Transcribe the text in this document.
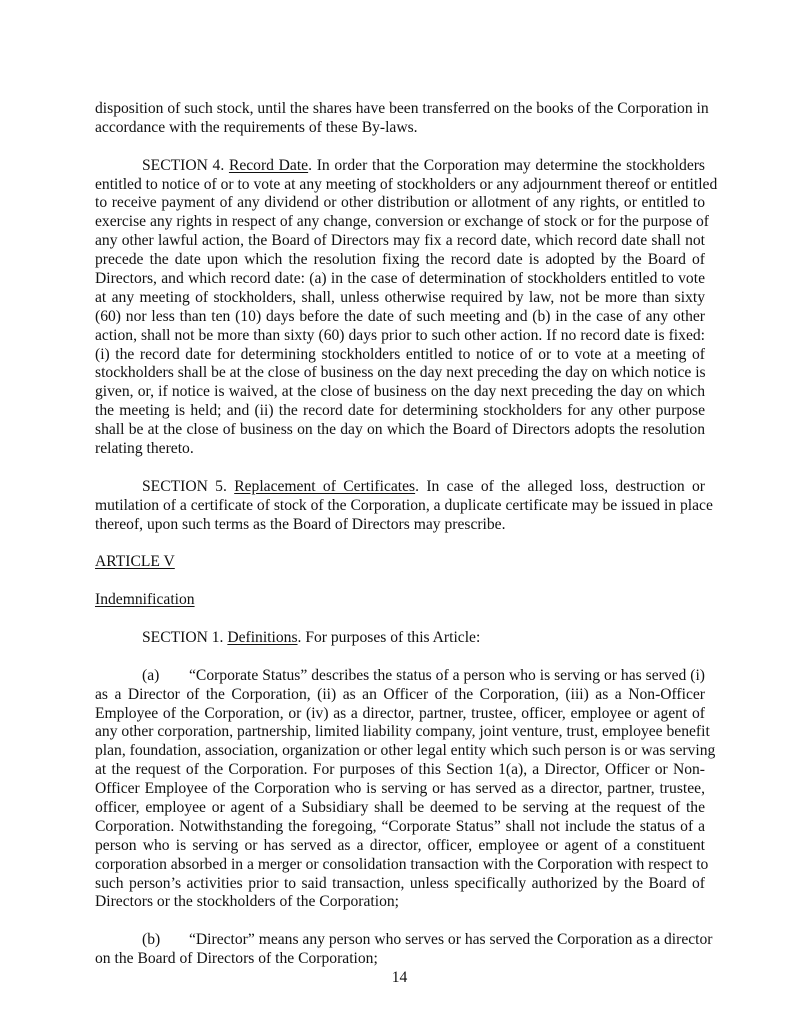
disposition of such stock, until the shares have been transferred on the books of the Corporation in
accordance with the requirements of these By-laws.
SECTION 4. Record Date. In order that the Corporation may determine the stockholders
entitled to notice of or to vote at any meeting of stockholders or any adjournment thereof or entitled
to receive payment of any dividend or other distribution or allotment of any rights, or entitled to
exercise any rights in respect of any change, conversion or exchange of stock or for the purpose of
any other lawful action, the Board of Directors may fix a record date, which record date shall not
precede the date upon which the resolution fixing the record date is adopted by the Board of
Directors, and which record date: (a) in the case of determination of stockholders entitled to vote
at any meeting of stockholders, shall, unless otherwise required by law, not be more than sixty
(60) nor less than ten (10) days before the date of such meeting and (b) in the case of any other
action, shall not be more than sixty (60) days prior to such other action. If no record date is fixed:
(i) the record date for determining stockholders entitled to notice of or to vote at a meeting of
stockholders shall be at the close of business on the day next preceding the day on which notice is
given, or, if notice is waived, at the close of business on the day next preceding the day on which
the meeting is held; and (ii) the record date for determining stockholders for any other purpose
shall be at the close of business on the day on which the Board of Directors adopts the resolution
relating thereto.
SECTION 5. Replacement of Certificates. In case of the alleged loss, destruction or
mutilation of a certificate of stock of the Corporation, a duplicate certificate may be issued in place
thereof, upon such terms as the Board of Directors may prescribe.
ARTICLE V
Indemnification
SECTION 1. Definitions. For purposes of this Article:
(a) “Corporate Status” describes the status of a person who is serving or has served (i)
as a Director of the Corporation, (ii) as an Officer of the Corporation, (iii) as a Non-Officer
Employee of the Corporation, or (iv) as a director, partner, trustee, officer, employee or agent of
any other corporation, partnership, limited liability company, joint venture, trust, employee benefit
plan, foundation, association, organization or other legal entity which such person is or was serving
at the request of the Corporation. For purposes of this Section 1(a), a Director, Officer or Non-
Officer Employee of the Corporation who is serving or has served as a director, partner, trustee,
officer, employee or agent of a Subsidiary shall be deemed to be serving at the request of the
Corporation. Notwithstanding the foregoing, “Corporate Status” shall not include the status of a
person who is serving or has served as a director, officer, employee or agent of a constituent
corporation absorbed in a merger or consolidation transaction with the Corporation with respect to
such person’s activities prior to said transaction, unless specifically authorized by the Board of
Directors or the stockholders of the Corporation;
(b) “Director” means any person who serves or has served the Corporation as a director
on the Board of Directors of the Corporation;
14
